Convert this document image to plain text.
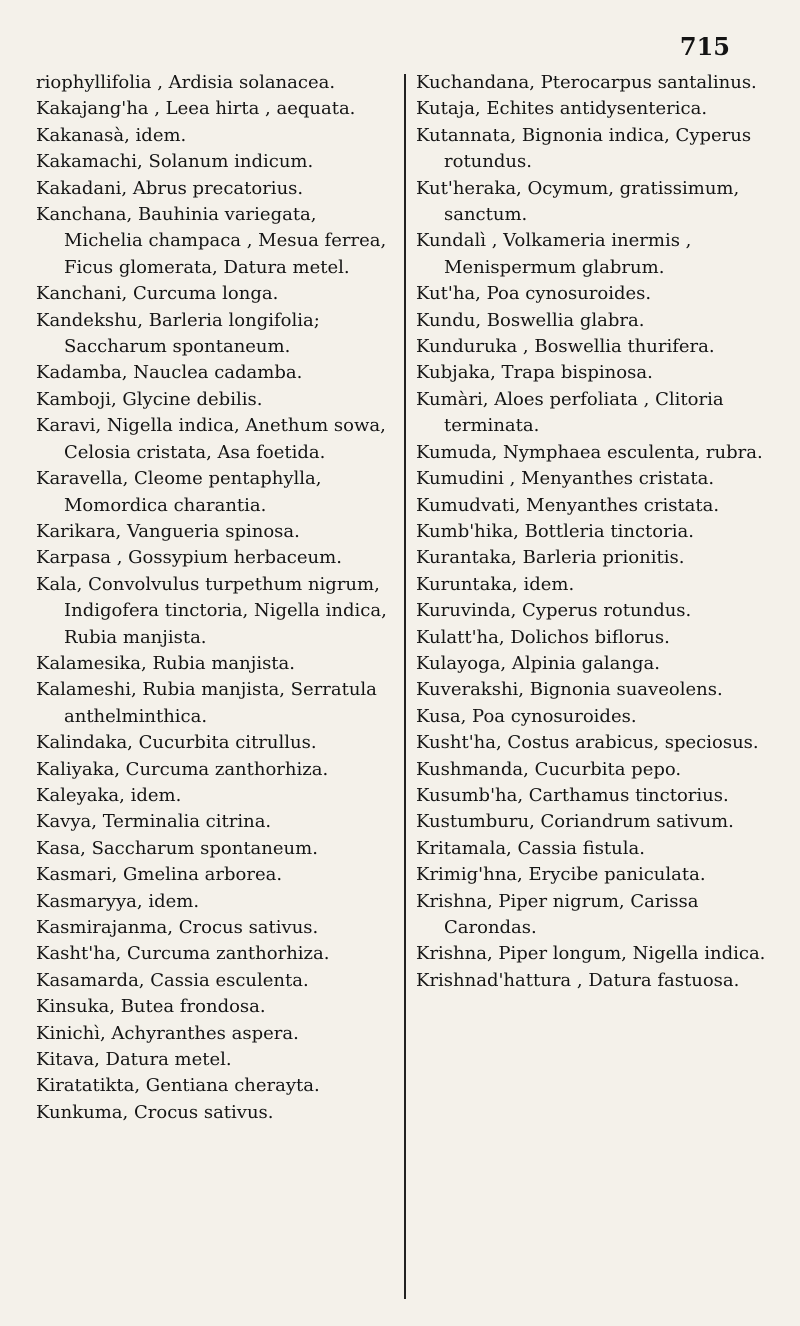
715
riophyllifolia , Ardisia solanacea.
Kakajang'ha , Leea hirta , aequata.
Kakanasà, idem.
Kakamachi, Solanum indicum.
Kakadani, Abrus precatorius.
Kanchana, Bauhinia variegata, Michelia champaca , Mesua ferrea, Ficus glomerata, Datura metel.
Kanchani, Curcuma longa.
Kandekshu, Barleria longifolia; Saccharum spontaneum.
Kadamba, Nauclea cadamba.
Kamboji, Glycine debilis.
Karavi, Nigella indica, Anethum sowa, Celosia cristata, Asa foetida.
Karavella, Cleome pentaphylla, Momordica charantia.
Karikara, Vangueria spinosa.
Karpasa , Gossypium herbaceum.
Kala, Convolvulus turpethum nigrum, Indigofera tinctoria, Nigella indica, Rubia manjista.
Kalamesika, Rubia manjista.
Kalameshi, Rubia manjista, Serratula anthelminthica.
Kalindaka, Cucurbita citrullus.
Kaliyaka, Curcuma zanthorhiza.
Kaleyaka, idem.
Kavya, Terminalia citrina.
Kasa, Saccharum spontaneum.
Kasmari, Gmelina arborea.
Kasmaryya, idem.
Kasmirajanma, Crocus sativus.
Kasht'ha, Curcuma zanthorhiza.
Kasamarda, Cassia esculenta.
Kinsuka, Butea frondosa.
Kinichì, Achyranthes aspera.
Kitava, Datura metel.
Kiratatikta, Gentiana cherayta.
Kunkuma, Crocus sativus.
Kuchandana, Pterocarpus santalinus.
Kutaja, Echites antidysenterica.
Kutannata, Bignonia indica, Cyperus rotundus.
Kut'heraka, Ocymum, gratissimum, sanctum.
Kundalì , Volkameria inermis , Menispermum glabrum.
Kut'ha, Poa cynosuroides.
Kundu, Boswellia glabra.
Kunduruka , Boswellia thurifera.
Kubjaka, Trapa bispinosa.
Kumàri, Aloes perfoliata , Clitoria terminata.
Kumuda, Nymphaea esculenta, rubra.
Kumudini , Menyanthes cristata.
Kumudvati, Menyanthes cristata.
Kumb'hika, Bottleria tinctoria.
Kurantaka, Barleria prionitis.
Kuruntaka, idem.
Kuruvinda, Cyperus rotundus.
Kulatt'ha, Dolichos biflorus.
Kulayoga, Alpinia galanga.
Kuverakshi, Bignonia suaveolens.
Kusa, Poa cynosuroides.
Kusht'ha, Costus arabicus, speciosus.
Kushmanda, Cucurbita pepo.
Kusumb'ha, Carthamus tinctorius.
Kustumburu, Coriandrum sativum.
Kritamala, Cassia fistula.
Krimig'hna, Erycibe paniculata.
Krishna, Piper nigrum, Carissa Carondas.
Krishna, Piper longum, Nigella indica.
Krishnad'hattura , Datura fastuosa.
